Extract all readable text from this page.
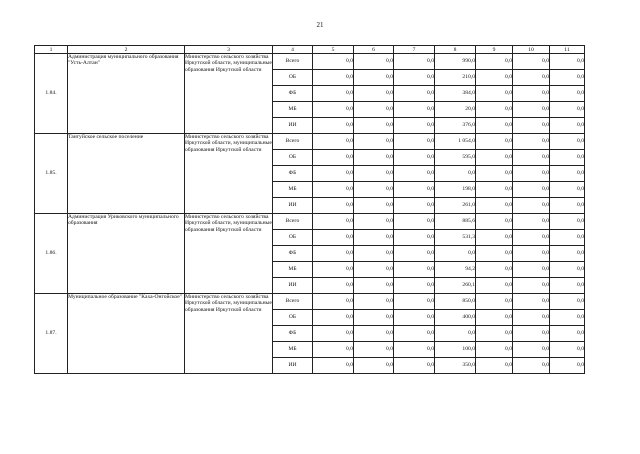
21
1	2	3	4	5	6	7	8	9	10	11
1.84.	Администрация муниципального образования "Усть-Алтан"	Министерство сельского хозяйства Иркутской области, муниципальные образования Иркутской области	Всего	0,0	0,0	0,0	990,0	0,0	0,0	0,0
			ОБ	0,0	0,0	0,0	210,0	0,0	0,0	0,0
			ФБ	0,0	0,0	0,0	384,0	0,0	0,0	0,0
			МБ	0,0	0,0	0,0	20,0	0,0	0,0	0,0
			ИИ	0,0	0,0	0,0	376,0	0,0	0,0	0,0
1.85.	Тангуйское сельское поселение	Министерство сельского хозяйства Иркутской области, муниципальные образования Иркутской области	Всего	0,0	0,0	0,0	1 054,0	0,0	0,0	0,0
			ОБ	0,0	0,0	0,0	595,0	0,0	0,0	0,0
			ФБ	0,0	0,0	0,0	0,0	0,0	0,0	0,0
			МБ	0,0	0,0	0,0	198,0	0,0	0,0	0,0
			ИИ	0,0	0,0	0,0	261,0	0,0	0,0	0,0
1.86.	Администрация Уриковского муниципального образования	Министерство сельского хозяйства Иркутской области, муниципальные образования Иркутской области	Всего	0,0	0,0	0,0	885,6	0,0	0,0	0,0
			ОБ	0,0	0,0	0,0	531,3	0,0	0,0	0,0
			ФБ	0,0	0,0	0,0	0,0	0,0	0,0	0,0
			МБ	0,0	0,0	0,0	94,2	0,0	0,0	0,0
			ИИ	0,0	0,0	0,0	260,1	0,0	0,0	0,0
1.87.	Муниципальное образование "Каха-Онгойское"	Министерство сельского хозяйства Иркутской области, муниципальные образования Иркутской области	Всего	0,0	0,0	0,0	850,0	0,0	0,0	0,0
			ОБ	0,0	0,0	0,0	400,0	0,0	0,0	0,0
			ФБ	0,0	0,0	0,0	0,0	0,0	0,0	0,0
			МБ	0,0	0,0	0,0	100,0	0,0	0,0	0,0
			ИИ	0,0	0,0	0,0	350,0	0,0	0,0	0,0
